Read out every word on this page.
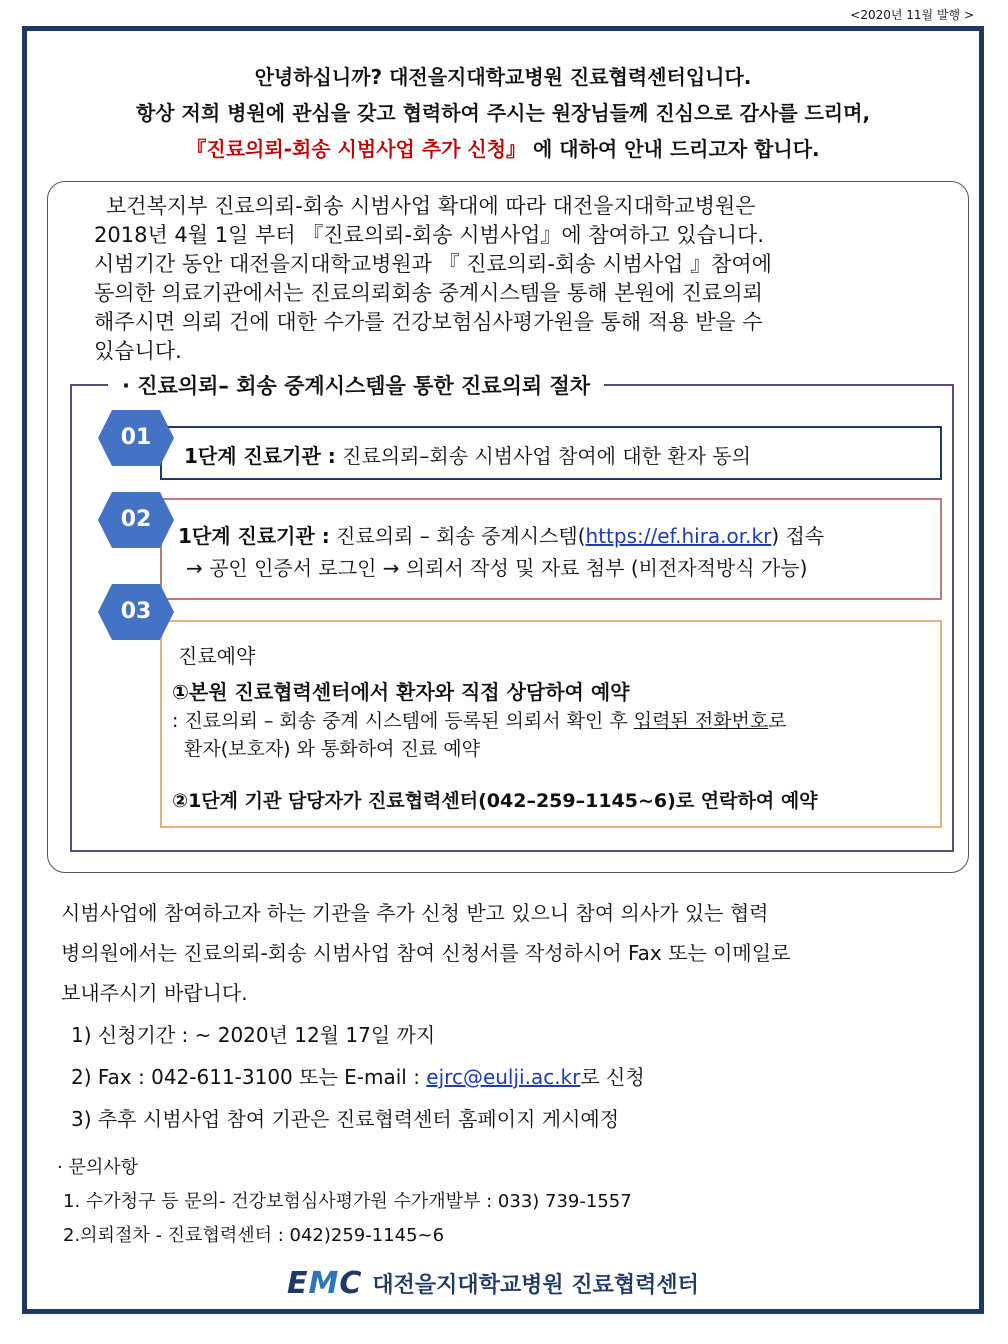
<2020년 11월 발행 >
안녕하십니까? 대전을지대학교병원 진료협력센터입니다.
항상 저희 병원에 관심을 갖고 협력하여 주시는 원장님들께 진심으로 감사를 드리며,
『진료의뢰-회송 시범사업 추가 신청』 에 대하여 안내 드리고자 합니다.

보건복지부 진료의뢰-회송 시범사업 확대에 따라 대전을지대학교병원은

2018년 4월 1일 부터 『진료의뢰-회송 시범사업』에 참여하고 있습니다.

시범기간 동안 대전을지대학교병원과 『 진료의뢰-회송 시범사업 』참여에

동의한 의료기관에서는 진료의뢰회송 중계시스템을 통해 본원에 진료의뢰

해주시면 의뢰 건에 대한 수가를 건강보험심사평가원을 통해 적용 받을 수

있습니다.

· 진료의뢰– 회송 중계시스템을 통한 진료의뢰 절차
1단계 진료기관 : 진료의뢰–회송 시범사업 참여에 대한 환자 동의
01
1단계 진료기관 : 진료의뢰 – 회송 중계시스템(https://ef.hira.or.kr) 접속
→ 공인 인증서 로그인 → 의뢰서 작성 및 자료 첨부 (비전자적방식 가능)
02
진료예약
①본원 진료협력센터에서 환자와 직접 상담하여 예약
: 진료의뢰 – 회송 중계 시스템에 등록된 의뢰서 확인 후 입력된 전화번호로
환자(보호자) 와 통화하여 진료 예약
②1단계 기관 담당자가 진료협력센터(042–259–1145~6)로 연락하여 예약
03
시범사업에 참여하고자 하는 기관을 추가 신청 받고 있으니 참여 의사가 있는 협력
병의원에서는 진료의뢰-회송 시범사업 참여 신청서를 작성하시어 Fax 또는 이메일로
보내주시기 바랍니다.
1) 신청기간 : ~ 2020년 12월 17일 까지
2) Fax : 042-611-3100 또는 E-mail : ejrc@eulji.ac.kr로 신청
3) 추후 시범사업 참여 기관은 진료협력센터 홈페이지 게시예정
· 문의사항
1. 수가청구 등 문의- 건강보험심사평가원 수가개발부 : 033) 739-1557
2.의뢰절차 - 진료협력센터 : 042)259-1145~6
EMC 대전을지대학교병원 진료협력센터
